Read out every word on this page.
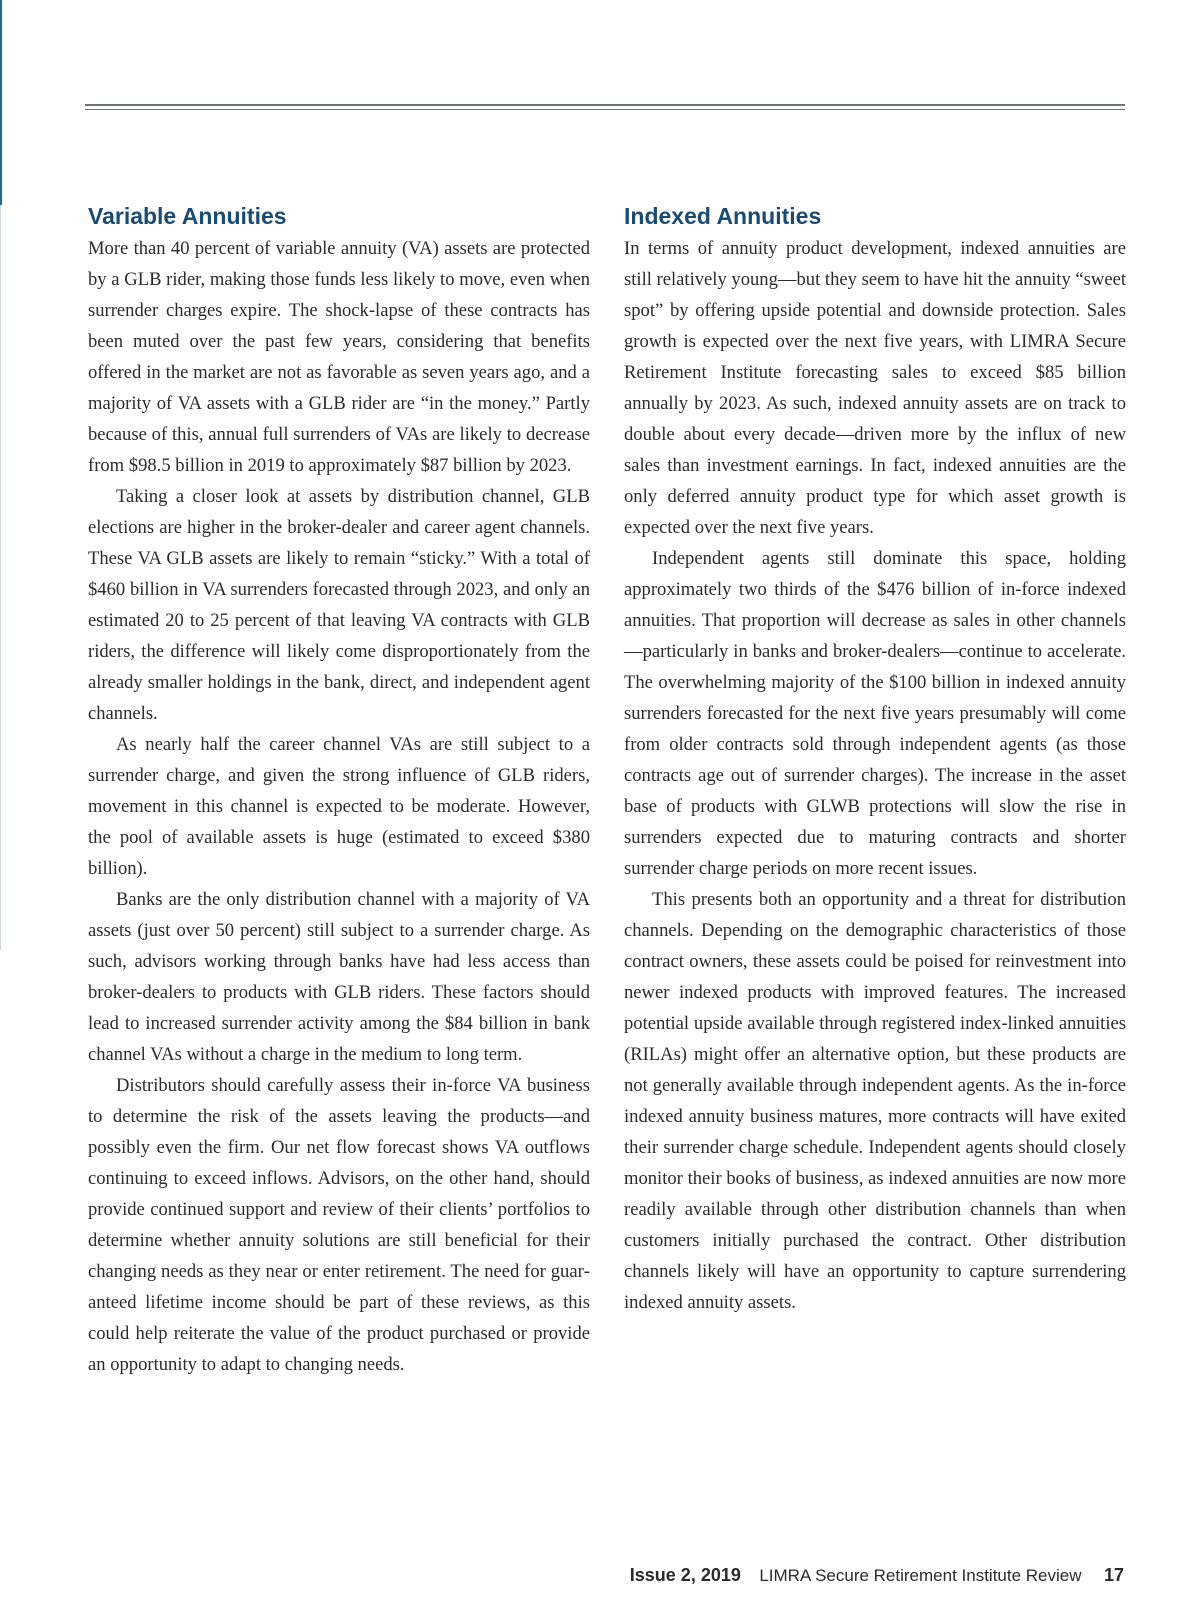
Variable Annuities

More than 40 percent of variable annuity (VA) assets are protected by a GLB rider, making those funds less likely to move, even when surrender charges expire. The shock-lapse of these contracts has been muted over the past few years, considering that benefits offered in the market are not as favorable as seven years ago, and a majority of VA assets with a GLB rider are “in the money.” Partly because of this, annual full surrenders of VAs are likely to decrease from $98.5 billion in 2019 to approximately $87 billion by 2023.

Taking a closer look at assets by distribution channel, GLB elections are higher in the broker-dealer and career agent channels. These VA GLB assets are likely to remain “sticky.” With a total of $460 billion in VA surrenders forecasted through 2023, and only an estimated 20 to 25 percent of that leaving VA contracts with GLB riders, the difference will likely come disproportionately from the already smaller holdings in the bank, direct, and independent agent channels.

As nearly half the career channel VAs are still subject to a surrender charge, and given the strong influence of GLB riders, movement in this channel is expected to be moderate. However, the pool of available assets is huge (estimated to exceed $380 billion).

Banks are the only distribution channel with a majority of VA assets (just over 50 percent) still subject to a surrender charge. As such, advisors working through banks have had less access than broker-dealers to products with GLB riders. These factors should lead to increased surrender activity among the $84 billion in bank channel VAs without a charge in the medium to long term.

Distributors should carefully assess their in-force VA business to determine the risk of the assets leaving the products—and possibly even the firm. Our net flow forecast shows VA outflows continuing to exceed inflows. Advisors, on the other hand, should provide continued support and review of their clients’ portfolios to determine whether annuity solutions are still beneficial for their changing needs as they near or enter retirement. The need for guaranteed lifetime income should be part of these reviews, as this could help reiterate the value of the product purchased or provide an opportunity to adapt to changing needs.

Indexed Annuities

In terms of annuity product development, indexed annuities are still relatively young—but they seem to have hit the annuity “sweet spot” by offering upside potential and downside protection. Sales growth is expected over the next five years, with LIMRA Secure Retirement Institute forecasting sales to exceed $85 billion annually by 2023. As such, indexed annuity assets are on track to double about every decade—driven more by the influx of new sales than investment earnings. In fact, indexed annuities are the only deferred annuity product type for which asset growth is expected over the next five years.

Independent agents still dominate this space, holding approximately two thirds of the $476 billion of in-force indexed annuities. That proportion will decrease as sales in other channels—particularly in banks and broker-dealers—continue to accelerate. The overwhelming majority of the $100 billion in indexed annuity surrenders forecasted for the next five years presumably will come from older contracts sold through independent agents (as those contracts age out of surrender charges). The increase in the asset base of products with GLWB protections will slow the rise in surrenders expected due to maturing contracts and shorter surrender charge periods on more recent issues.

This presents both an opportunity and a threat for distribution channels. Depending on the demographic characteristics of those contract owners, these assets could be poised for reinvestment into newer indexed products with improved features. The increased potential upside available through registered index-linked annuities (RILAs) might offer an alternative option, but these products are not generally available through independent agents. As the in-force indexed annuity business matures, more contracts will have exited their surrender charge schedule. Independent agents should closely monitor their books of business, as indexed annuities are now more readily available through other distribution channels than when customers initially purchased the contract. Other distribution channels likely will have an opportunity to capture surrendering indexed annuity assets.

Issue 2, 2019 LIMRA Secure Retirement Institute Review 17
